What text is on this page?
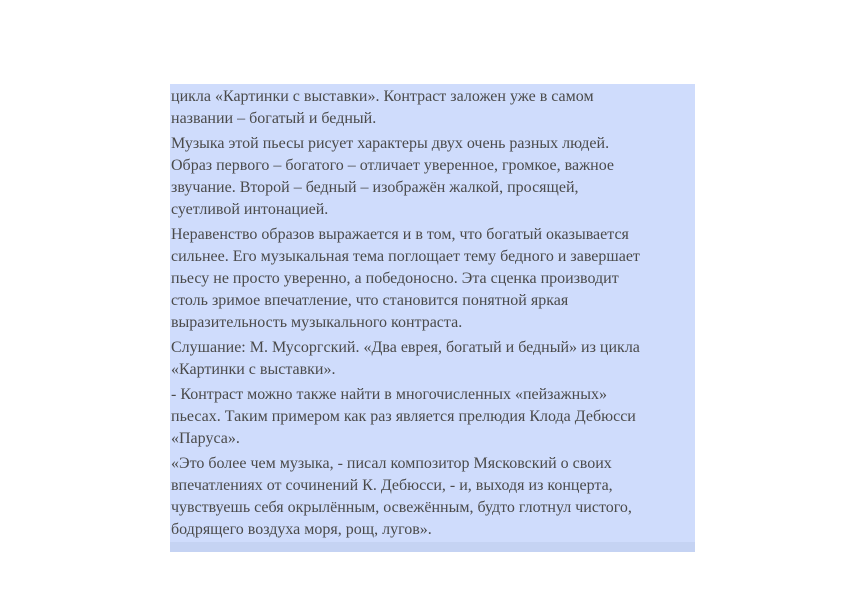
цикла «Картинки с выставки». Контраст заложен уже в самом
названии – богатый и бедный.

Музыка этой пьесы рисует характеры двух очень разных людей.
Образ первого – богатого – отличает уверенное, громкое, важное
звучание. Второй – бедный – изображён жалкой, просящей,
суетливой интонацией.

Неравенство образов выражается и в том, что богатый оказывается
сильнее. Его музыкальная тема поглощает тему бедного и завершает
пьесу не просто уверенно, а победоносно. Эта сценка производит
столь зримое впечатление, что становится понятной яркая
выразительность музыкального контраста.

Слушание: М. Мусоргский. «Два еврея, богатый и бедный» из цикла
«Картинки с выставки».

- Контраст можно также найти в многочисленных «пейзажных»
пьесах. Таким примером как раз является прелюдия Клода Дебюсси
«Паруса».

«Это более чем музыка, - писал композитор Мясковский о своих
впечатлениях от сочинений К. Дебюсси, - и, выходя из концерта,
чувствуешь себя окрылённым, освежённым, будто глотнул чистого,
бодрящего воздуха моря, рощ, лугов».
